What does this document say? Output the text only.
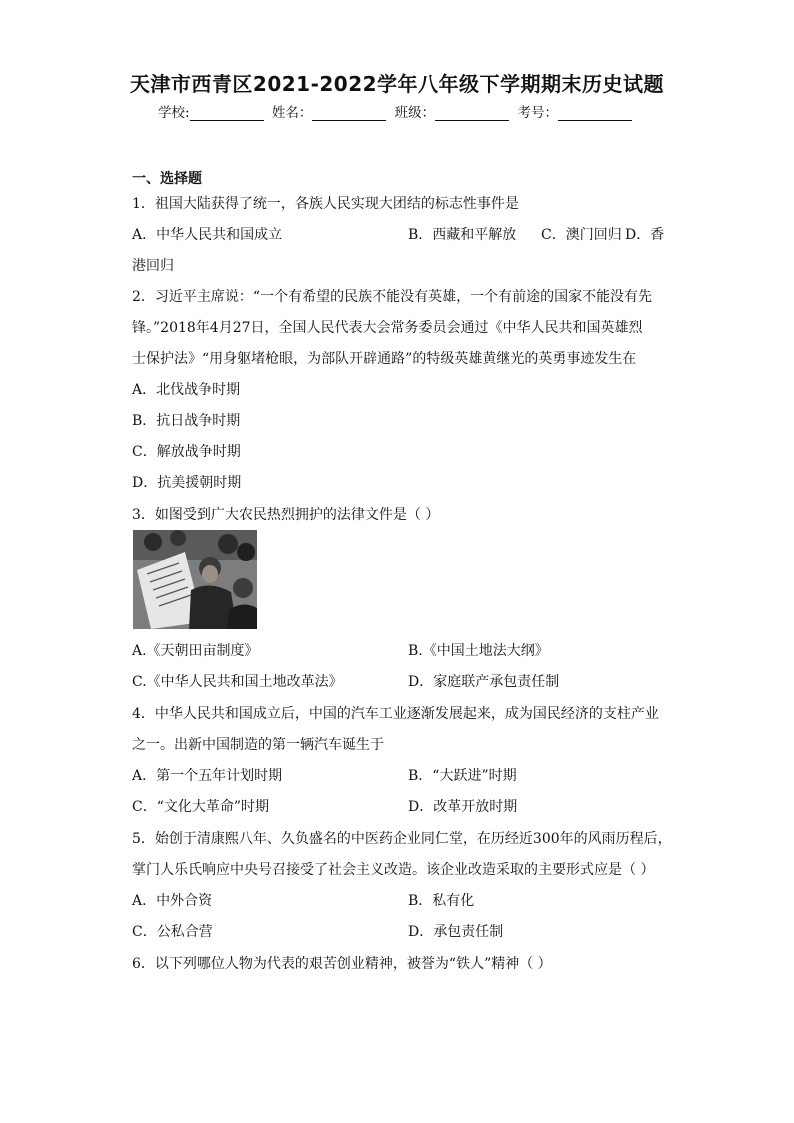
天津市西青区2021-2022学年八年级下学期期末历史试题
学校:	姓名：	班级：	考号：
一、选择题
1．祖国大陆获得了统一，各族人民实现大团结的标志性事件是
A．中华人民共和国成立	B．西藏和平解放 C．澳门回归 D．香
港回归
2．习近平主席说：“一个有希望的民族不能没有英雄，一个有前途的国家不能没有先
锋。”2018年4月27日，全国人民代表大会常务委员会通过《中华人民共和国英雄烈
士保护法》“用身躯堵枪眼，为部队开辟通路”的特级英雄黄继光的英勇事迹发生在
A．北伐战争时期
B．抗日战争时期
C．解放战争时期
D．抗美援朝时期
3．如图受到广大农民热烈拥护的法律文件是（ ）
A.《天朝田亩制度》	B.《中国土地法大纲》
C.《中华人民共和国土地改革法》	D．家庭联产承包责任制
4．中华人民共和国成立后，中国的汽车工业逐渐发展起来，成为国民经济的支柱产业
之一。出新中国制造的第一辆汽车诞生于
A．第一个五年计划时期	B．“大跃进”时期
C．“文化大革命”时期	D．改革开放时期
5．始创于清康熙八年、久负盛名的中医药企业同仁堂，在历经近300年的风雨历程后，
掌门人乐氏响应中央号召接受了社会主义改造。该企业改造采取的主要形式应是（ ）
A．中外合资	B．私有化
C．公私合营	D．承包责任制
6．以下列哪位人物为代表的艰苦创业精神，被誉为“铁人”精神（ ）
